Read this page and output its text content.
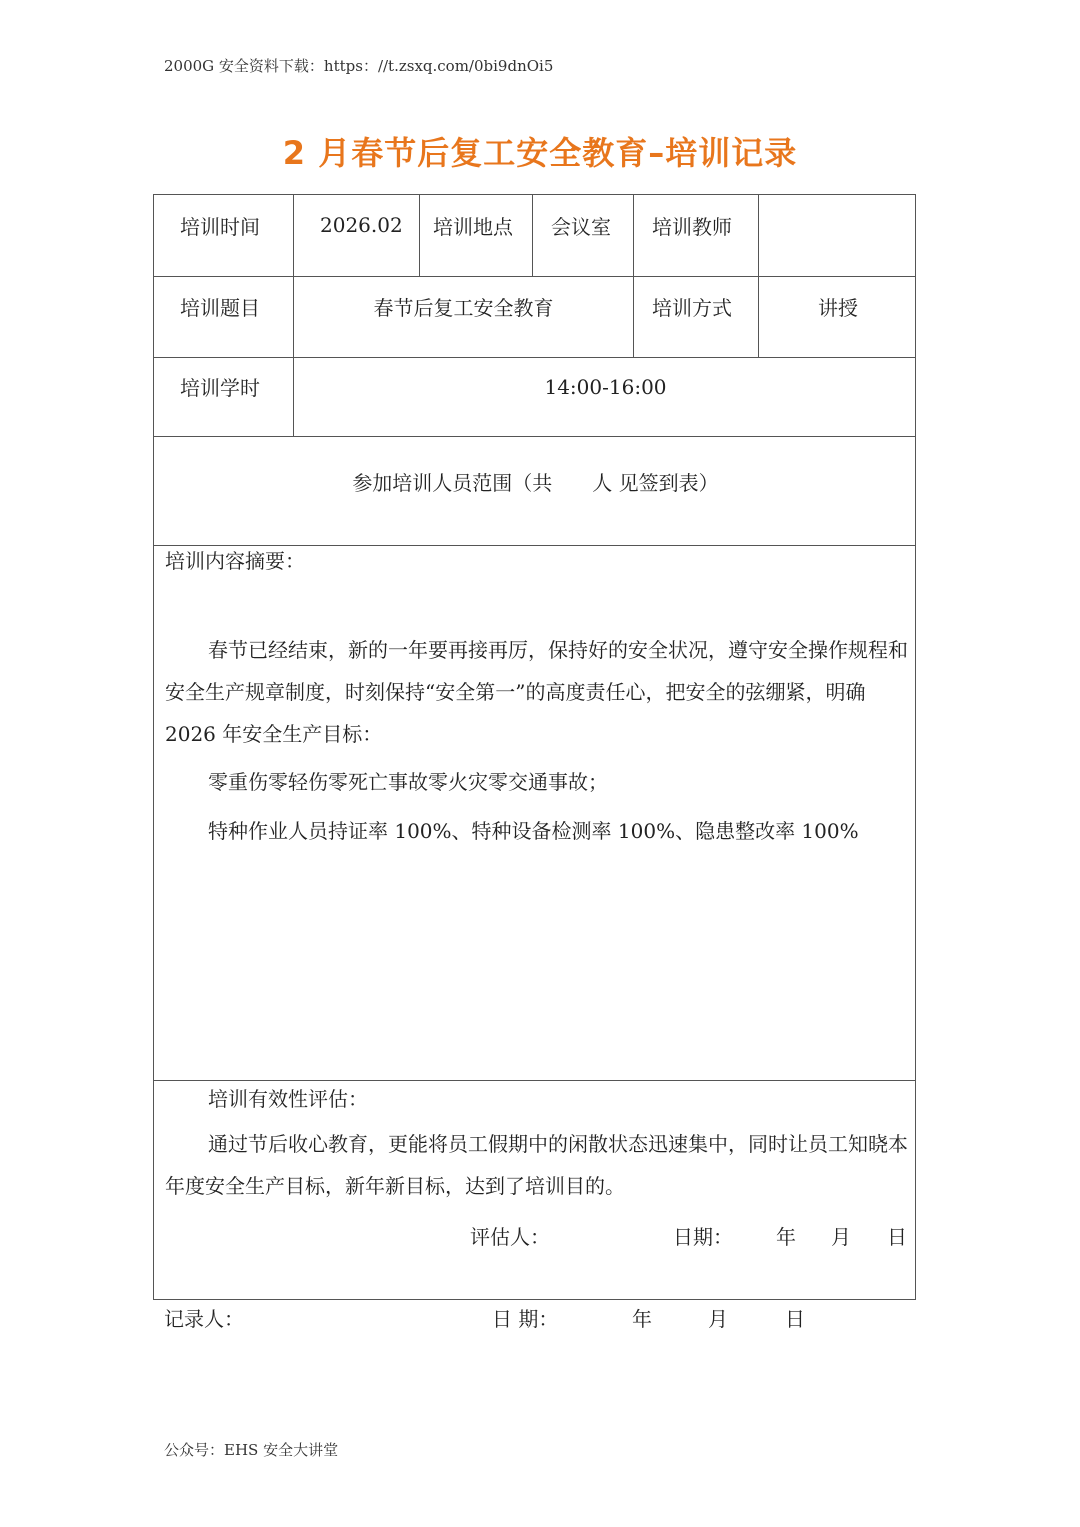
2000G 安全资料下载：https：//t.zsxq.com/0bi9dnOi5
2 月春节后复工安全教育–培训记录
培训时间	2026.02 培训地点 会议室 培训教师
培训题目	春节后复工安全教育	培训方式	讲授
培训学时	14:00-16:00
参加培训人员范围（共　　人 见签到表）
培训内容摘要：
春节已经结束，新的一年要再接再厉，保持好的安全状况，遵守安全操作规程和安全生产规章制度，时刻保持“安全第一”的高度责任心，把安全的弦绷紧，明确 2026 年安全生产目标：
零重伤零轻伤零死亡事故零火灾零交通事故；
特种作业人员持证率 100%、特种设备检测率 100%、隐患整改率 100%
培训有效性评估：
通过节后收心教育，更能将员工假期中的闲散状态迅速集中，同时让员工知晓本年度安全生产目标，新年新目标，达到了培训目的。
评估人：	日期： 年 月 日
记录人：	日 期：	年	月	日
公众号：EHS 安全大讲堂
